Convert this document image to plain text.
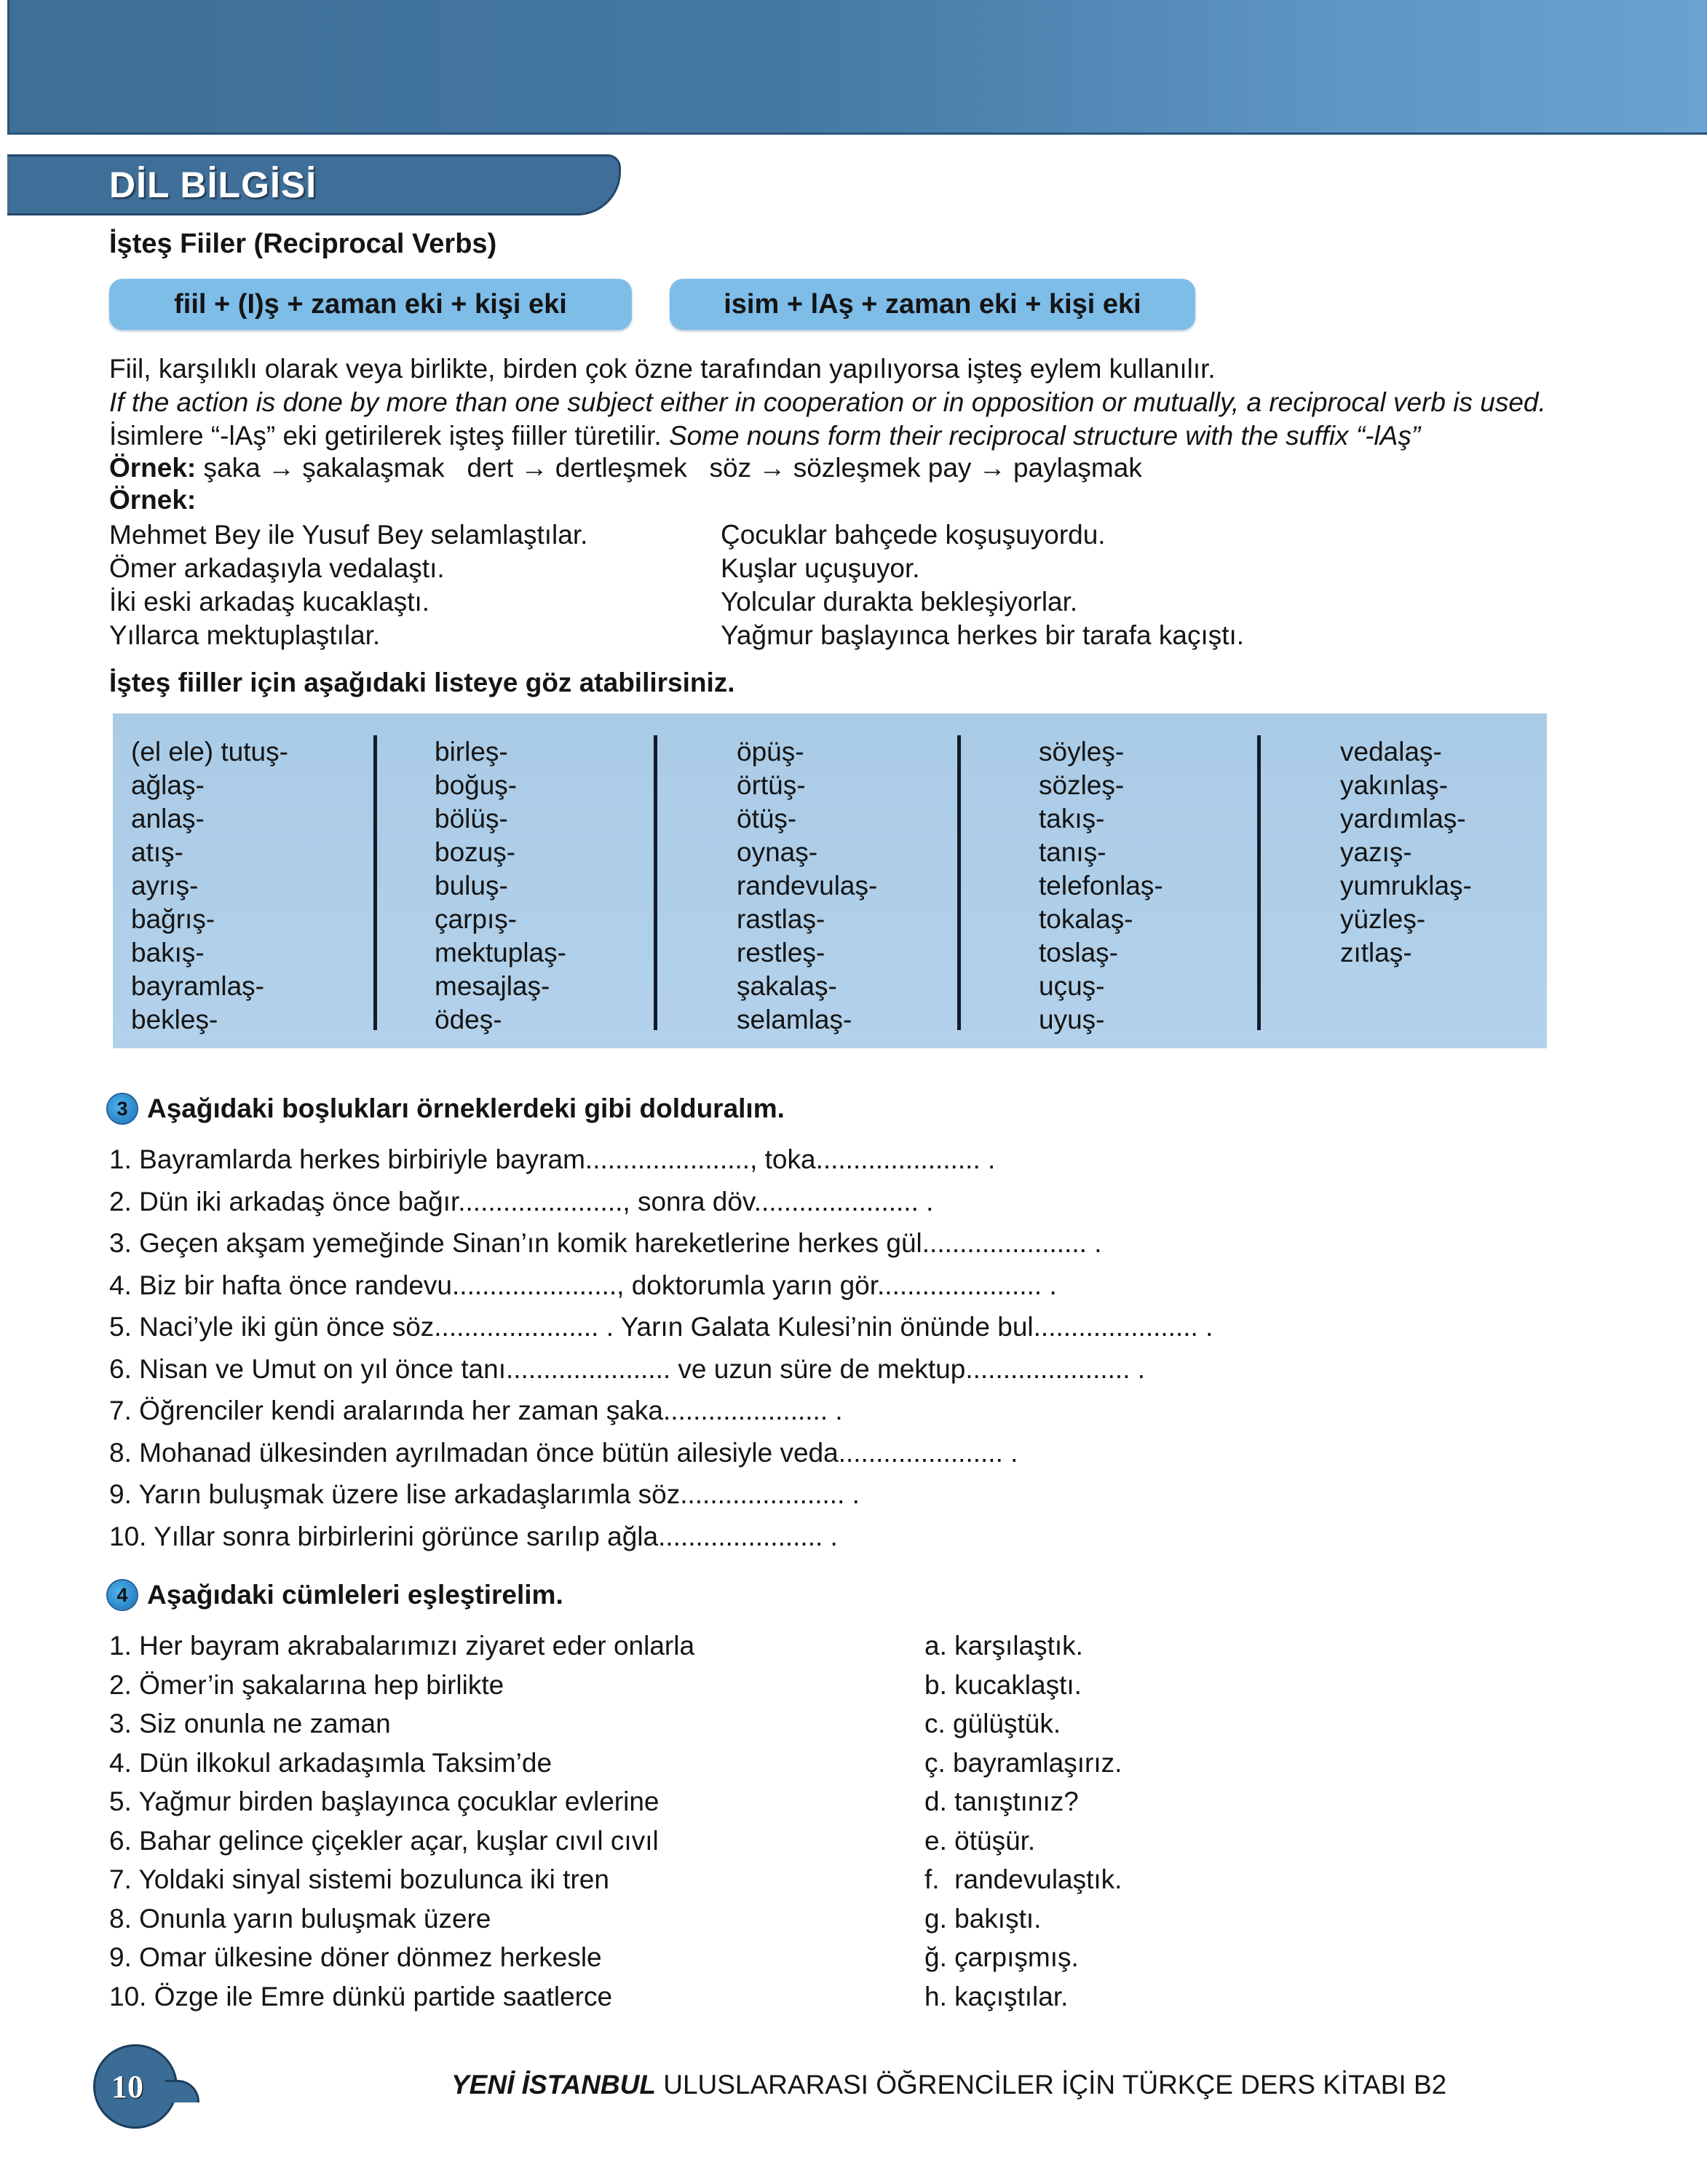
DİL BİLGİSİ
İşteş Fiiler (Reciprocal Verbs)
fiil + (I)ş + zaman eki + kişi eki	isim + lAş + zaman eki + kişi eki
Fiil, karşılıklı olarak veya birlikte, birden çok özne tarafından yapılıyorsa işteş eylem kullanılır.
If the action is done by more than one subject either in cooperation or in opposition or mutually, a reciprocal verb is used.
İsimlere “-lAş” eki getirilerek işteş fiiller türetilir. Some nouns form their reciprocal structure with the suffix “-lAş”
Örnek: şaka → şakalaşmak   dert → dertleşmek   söz → sözleşmek pay → paylaşmak
Örnek:
Mehmet Bey ile Yusuf Bey selamlaştılar.
Ömer arkadaşıyla vedalaştı.
İki eski arkadaş kucaklaştı.
Yıllarca mektuplaştılar.
Çocuklar bahçede koşuşuyordu.
Kuşlar uçuşuyor.
Yolcular durakta bekleşiyorlar.
Yağmur başlayınca herkes bir tarafa kaçıştı.
İşteş fiiller için aşağıdaki listeye göz atabilirsiniz.
(el ele) tutuş-
ağlaş-
anlaş-
atış-
ayrış-
bağrış-
bakış-
bayramlaş-
bekleş-
birleş-
boğuş-
bölüş-
bozuş-
buluş-
çarpış-
mektuplaş-
mesajlaş-
ödeş-
öpüş-
örtüş-
ötüş-
oynaş-
randevulaş-
rastlaş-
restleş-
şakalaş-
selamlaş-
söyleş-
sözleş-
takış-
tanış-
telefonlaş-
tokalaş-
toslaş-
uçuş-
uyuş-
vedalaş-
yakınlaş-
yardımlaş-
yazış-
yumruklaş-
yüzleş-
zıtlaş-
3 Aşağıdaki boşlukları örneklerdeki gibi dolduralım.
1. Bayramlarda herkes birbiriyle bayram......................, toka...................... .
2. Dün iki arkadaş önce bağır......................, sonra döv...................... .
3. Geçen akşam yemeğinde Sinan’ın komik hareketlerine herkes gül...................... .
4. Biz bir hafta önce randevu......................, doktorumla yarın gör...................... .
5. Naci’yle iki gün önce söz...................... . Yarın Galata Kulesi’nin önünde bul...................... .
6. Nisan ve Umut on yıl önce tanı...................... ve uzun süre de mektup...................... .
7. Öğrenciler kendi aralarında her zaman şaka...................... .
8. Mohanad ülkesinden ayrılmadan önce bütün ailesiyle veda...................... .
9. Yarın buluşmak üzere lise arkadaşlarımla söz...................... .
10. Yıllar sonra birbirlerini görünce sarılıp ağla...................... .
4 Aşağıdaki cümleleri eşleştirelim.
1. Her bayram akrabalarımızı ziyaret eder onlarla
2. Ömer’in şakalarına hep birlikte
3. Siz onunla ne zaman
4. Dün ilkokul arkadaşımla Taksim’de
5. Yağmur birden başlayınca çocuklar evlerine
6. Bahar gelince çiçekler açar, kuşlar cıvıl cıvıl
7. Yoldaki sinyal sistemi bozulunca iki tren
8. Onunla yarın buluşmak üzere
9. Omar ülkesine döner dönmez herkesle
10. Özge ile Emre dünkü partide saatlerce
a. karşılaştık.
b. kucaklaştı.
c. gülüştük.
ç. bayramlaşırız.
d. tanıştınız?
e. ötüşür.
f.  randevulaştık.
g. bakıştı.
ğ. çarpışmış.
h. kaçıştılar.
10	YENİ İSTANBUL ULUSLARARASI ÖĞRENCİLER İÇİN TÜRKÇE DERS KİTABI B2
